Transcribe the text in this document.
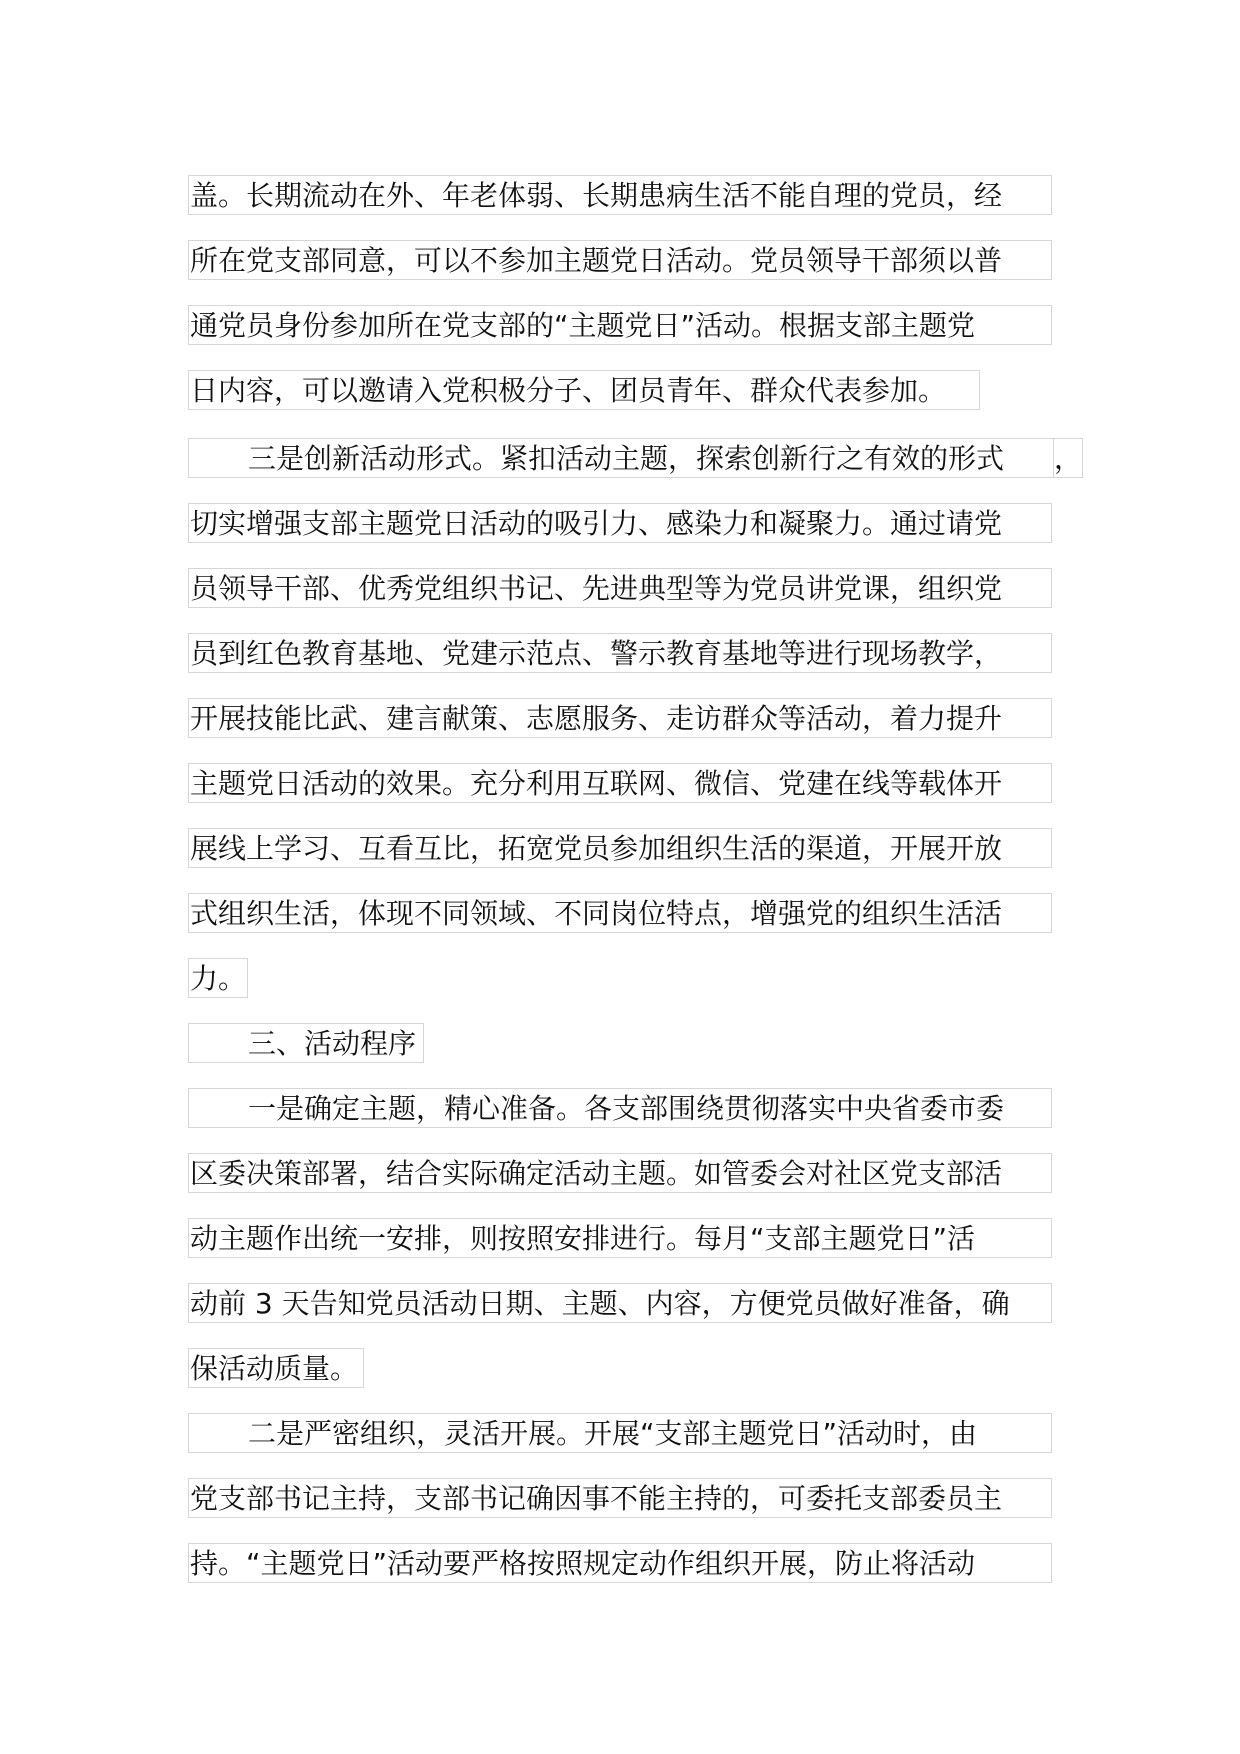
盖。长期流动在外、年老体弱、长期患病生活不能自理的党员，经
所在党支部同意，可以不参加主题党日活动。党员领导干部须以普
通党员身份参加所在党支部的“主题党日”活动。根据支部主题党
日内容，可以邀请入党积极分子、团员青年、群众代表参加。
三是创新活动形式。紧扣活动主题，探索创新行之有效的形式	，
切实增强支部主题党日活动的吸引力、感染力和凝聚力。通过请党
员领导干部、优秀党组织书记、先进典型等为党员讲党课，组织党
员到红色教育基地、党建示范点、警示教育基地等进行现场教学，
开展技能比武、建言献策、志愿服务、走访群众等活动，着力提升
主题党日活动的效果。充分利用互联网、微信、党建在线等载体开
展线上学习、互看互比，拓宽党员参加组织生活的渠道，开展开放
式组织生活，体现不同领域、不同岗位特点，增强党的组织生活活
力。
三、活动程序
一是确定主题，精心准备。各支部围绕贯彻落实中央省委市委
区委决策部署，结合实际确定活动主题。如管委会对社区党支部活
动主题作出统一安排，则按照安排进行。每月“支部主题党日”活
动前 3 天告知党员活动日期、主题、内容，方便党员做好准备，确
保活动质量。
二是严密组织，灵活开展。开展“支部主题党日”活动时，由
党支部书记主持，支部书记确因事不能主持的，可委托支部委员主
持。“主题党日”活动要严格按照规定动作组织开展，防止将活动
